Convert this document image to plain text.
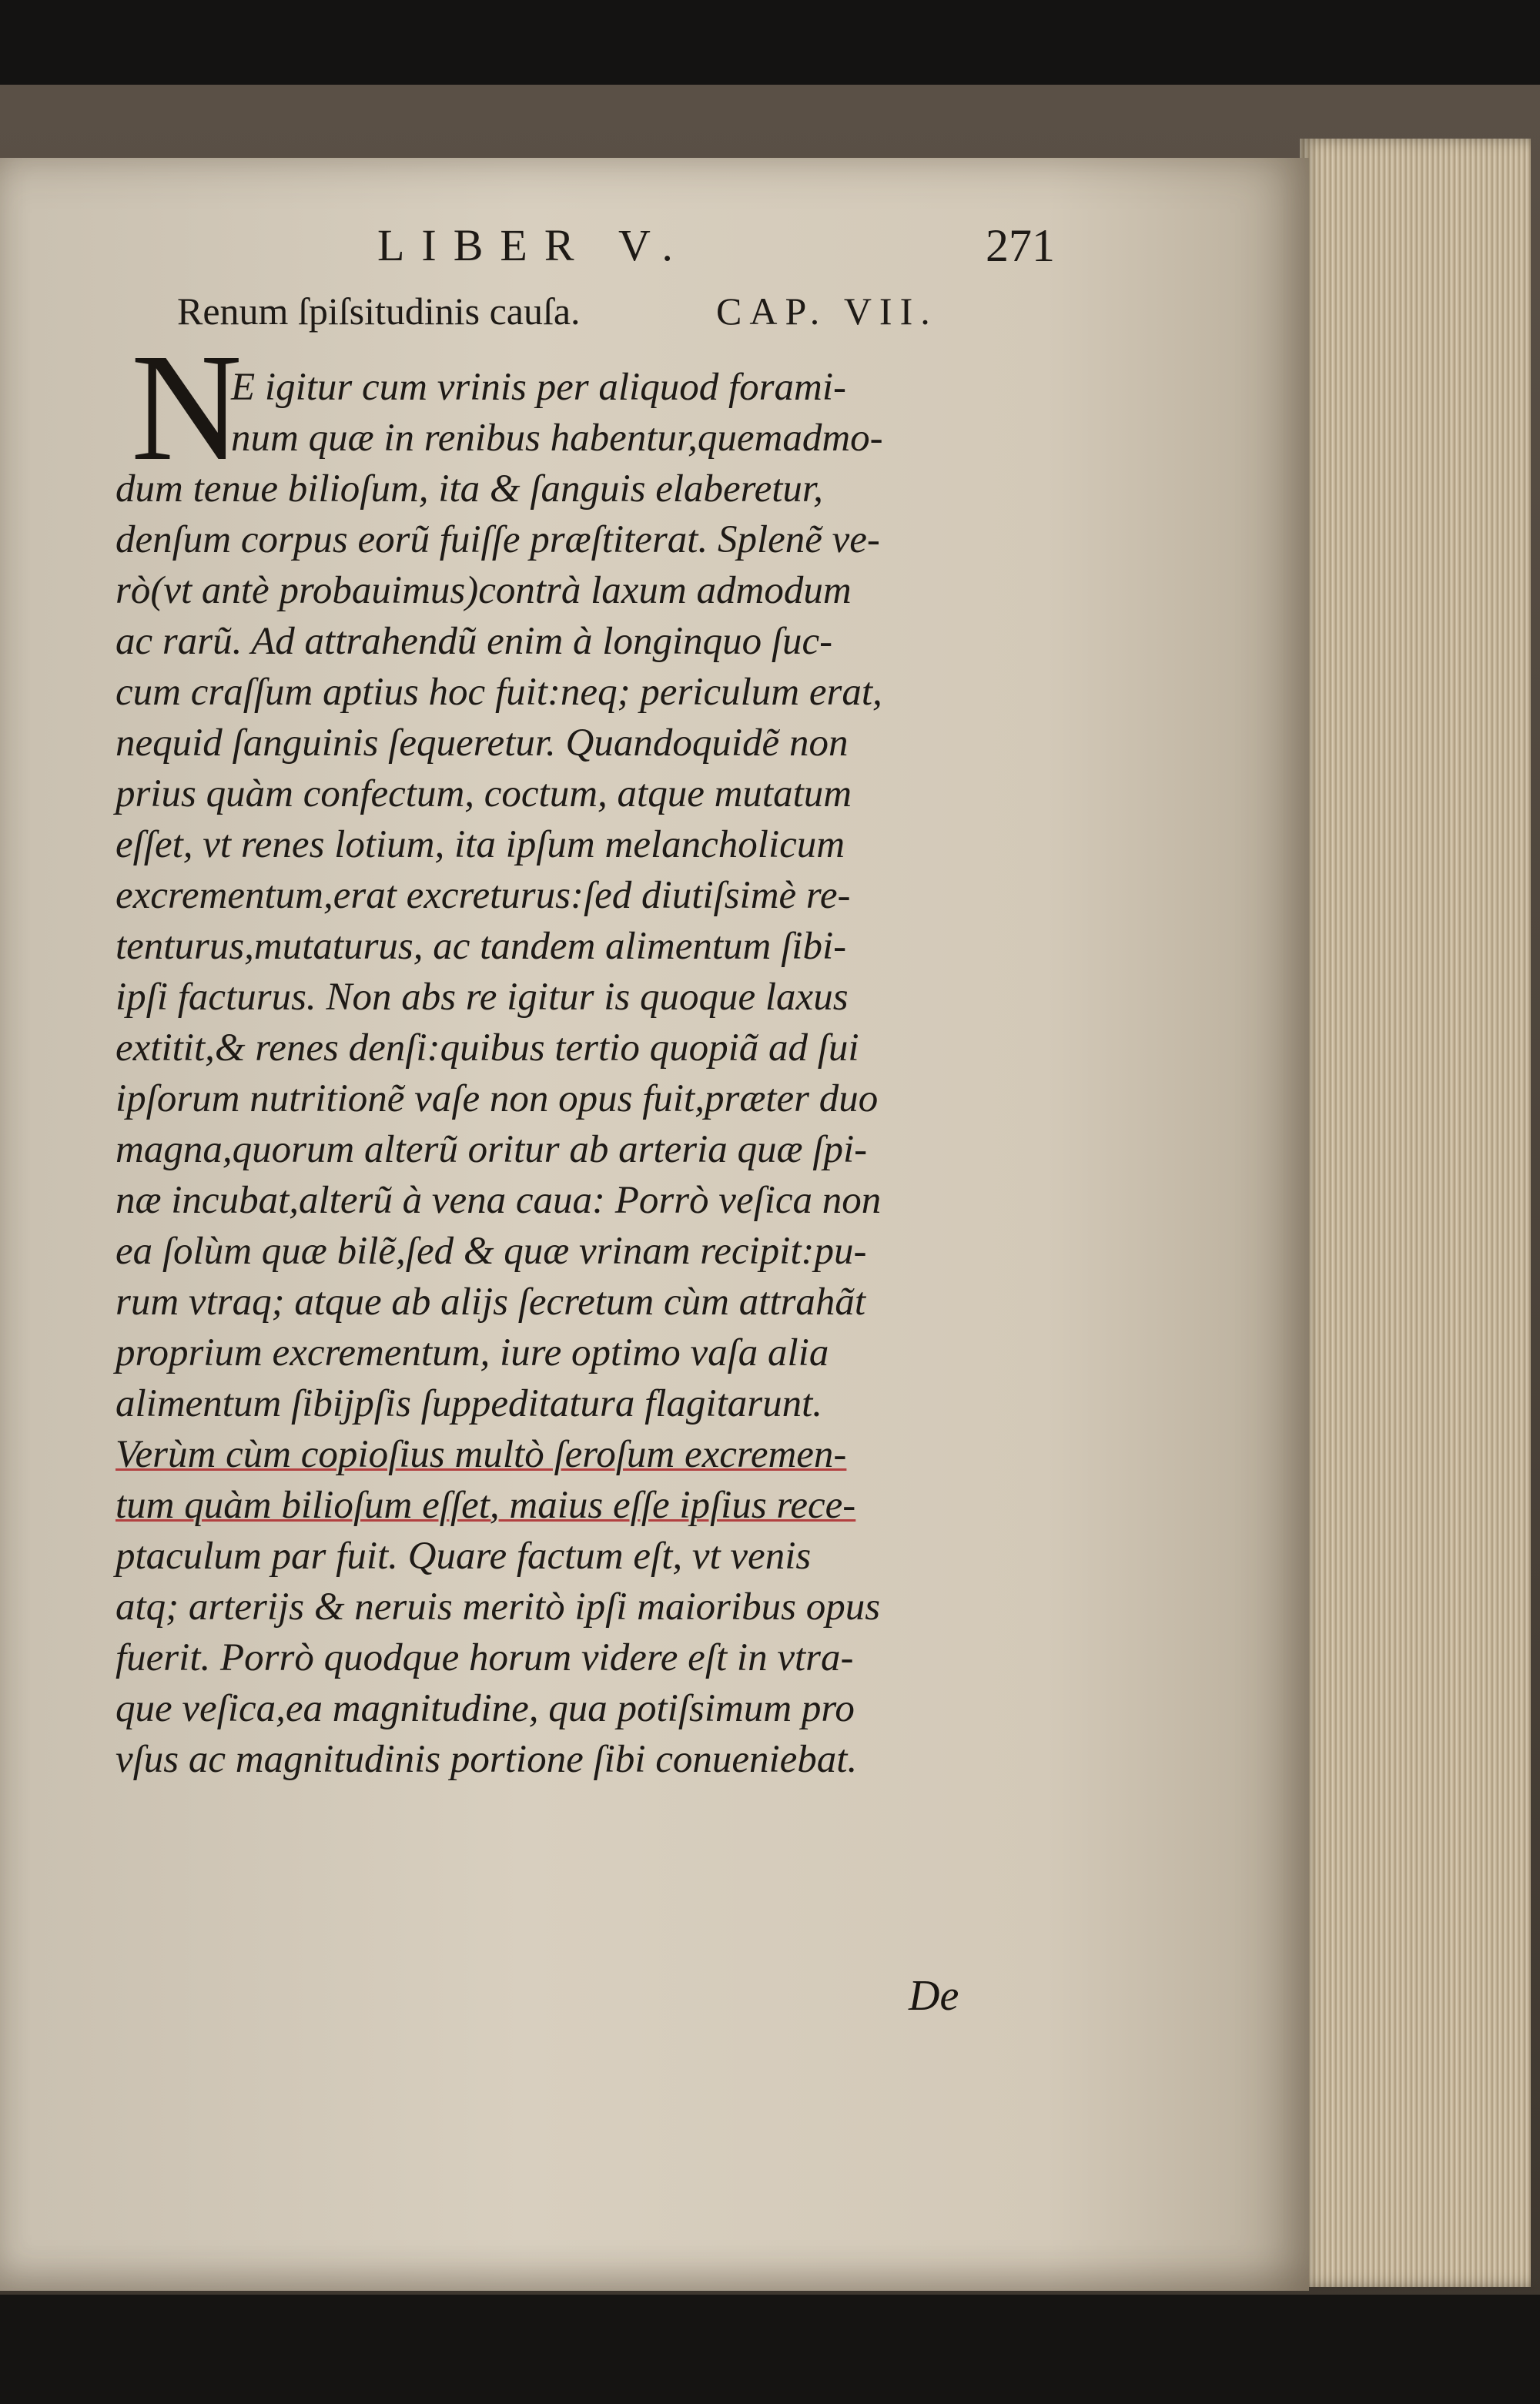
LIBER V.	271
Renum ſpiſsitudinis cauſa.	CAP. VII.
N
E igitur cum vrinis per aliquod forami-
num quæ in renibus habentur,quemadmo-
dum tenue bilioſum, ita & ſanguis elaberetur,
denſum corpus eorũ fuiſſe præſtiterat. Splenẽ ve-
rò(vt antè probauimus)contrà laxum admodum
ac rarũ. Ad attrahendũ enim à longinquo ſuc-
cum craſſum aptius hoc fuit:neq; periculum erat,
nequid ſanguinis ſequeretur. Quandoquidẽ non
prius quàm confectum, coctum, atque mutatum
eſſet, vt renes lotium, ita ipſum melancholicum
excrementum,erat excreturus:ſed diutiſsimè re-
tenturus,mutaturus, ac tandem alimentum ſibi-
ipſi facturus. Non abs re igitur is quoque laxus
extitit,& renes denſi:quibus tertio quopiã ad ſui
ipſorum nutritionẽ vaſe non opus fuit,præter duo
magna,quorum alterũ oritur ab arteria quæ ſpi-
næ incubat,alterũ à vena caua: Porrò veſica non
ea ſolùm quæ bilẽ,ſed & quæ vrinam recipit:pu-
rum vtraq; atque ab alijs ſecretum cùm attrahãt
proprium excrementum, iure optimo vaſa alia
alimentum ſibijpſis ſuppeditatura flagitarunt.
Verùm cùm copioſius multò ſeroſum excremen-
tum quàm bilioſum eſſet, maius eſſe ipſius rece-
ptaculum par fuit. Quare factum eſt, vt venis
atq; arterijs & neruis meritò ipſi maioribus opus
fuerit. Porrò quodque horum videre eſt in vtra-
que veſica,ea magnitudine, qua potiſsimum pro
vſus ac magnitudinis portione ſibi conueniebat.
De
